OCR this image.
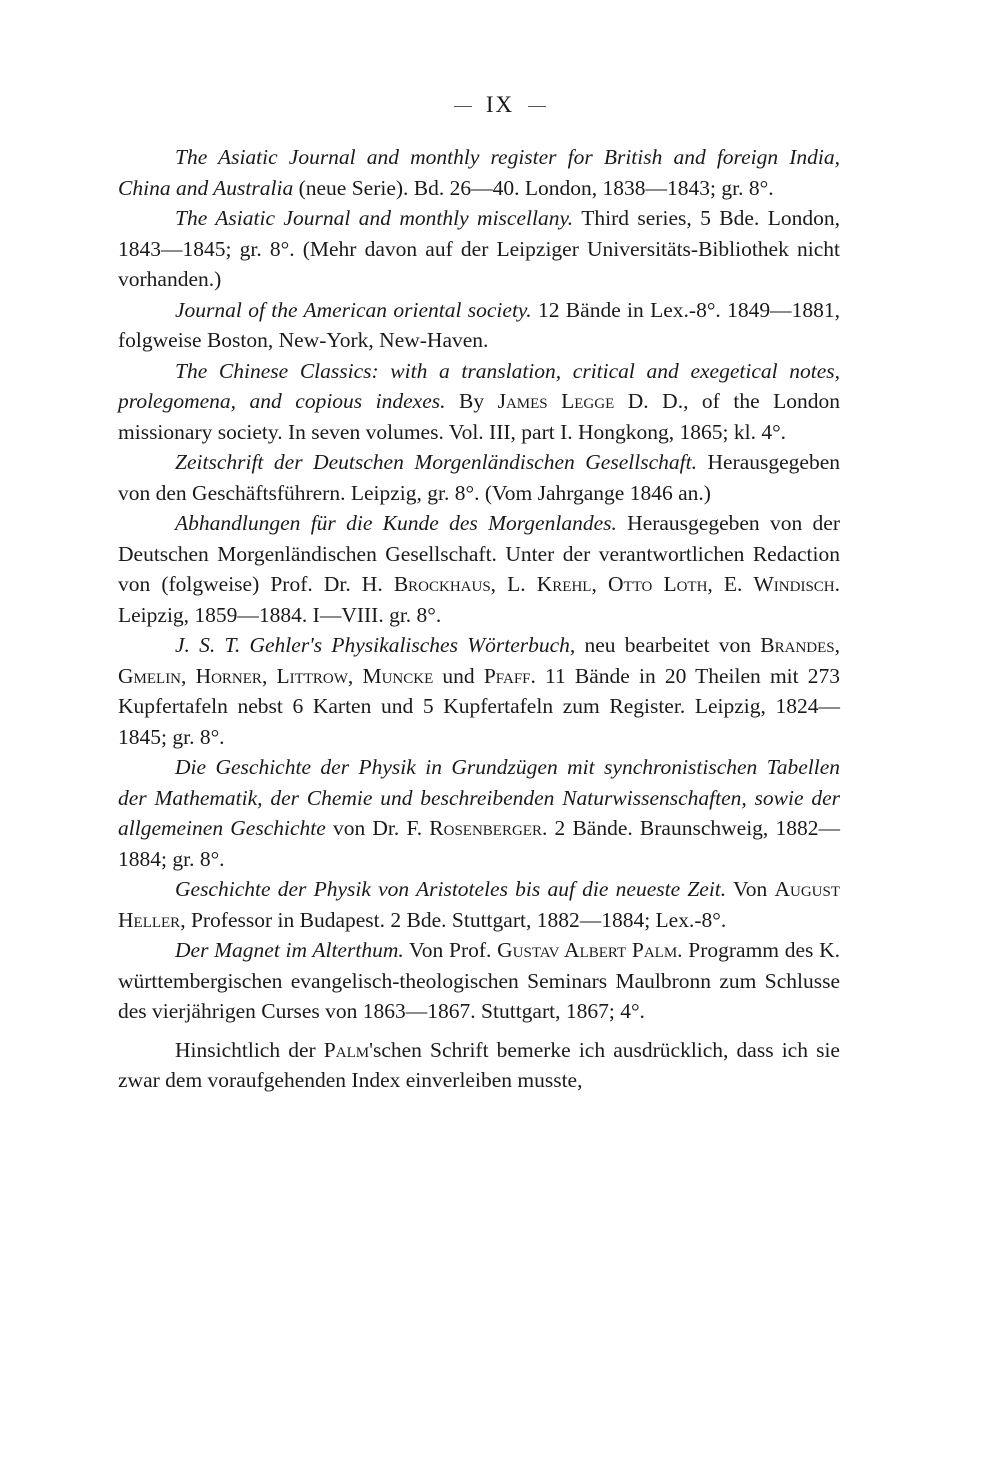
IX

The Asiatic Journal and monthly register for British and foreign India, China and Australia (neue Serie). Bd. 26—40. London, 1838—1843; gr. 8°.

The Asiatic Journal and monthly miscellany. Third series, 5 Bde. London, 1843—1845; gr. 8°. (Mehr davon auf der Leipziger Universitäts-Bibliothek nicht vorhanden.)

Journal of the American oriental society. 12 Bände in Lex.-8°. 1849—1881, folgweise Boston, New-York, New-Haven.

The Chinese Classics: with a translation, critical and exegetical notes, prolegomena, and copious indexes. By James Legge D. D., of the London missionary society. In seven volumes. Vol. III, part I. Hongkong, 1865; kl. 4°.

Zeitschrift der Deutschen Morgenländischen Gesellschaft. Herausgegeben von den Geschäftsführern. Leipzig, gr. 8°. (Vom Jahrgange 1846 an.)

Abhandlungen für die Kunde des Morgenlandes. Herausgegeben von der Deutschen Morgenländischen Gesellschaft. Unter der verantwortlichen Redaction von (folgweise) Prof. Dr. H. Brockhaus, L. Krehl, Otto Loth, E. Windisch. Leipzig, 1859—1884. I—VIII. gr. 8°.

J. S. T. Gehler's Physikalisches Wörterbuch, neu bearbeitet von Brandes, Gmelin, Horner, Littrow, Muncke und Pfaff. 11 Bände in 20 Theilen mit 273 Kupfertafeln nebst 6 Karten und 5 Kupfertafeln zum Register. Leipzig, 1824—1845; gr. 8°.

Die Geschichte der Physik in Grundzügen mit synchronistischen Tabellen der Mathematik, der Chemie und beschreibenden Naturwissenschaften, sowie der allgemeinen Geschichte von Dr. F. Rosenberger. 2 Bände. Braunschweig, 1882—1884; gr. 8°.

Geschichte der Physik von Aristoteles bis auf die neueste Zeit. Von August Heller, Professor in Budapest. 2 Bde. Stuttgart, 1882—1884; Lex.-8°.

Der Magnet im Alterthum. Von Prof. Gustav Albert Palm. Programm des K. württembergischen evangelisch-theologischen Seminars Maulbronn zum Schlusse des vierjährigen Curses von 1863—1867. Stuttgart, 1867; 4°.

Hinsichtlich der Palm'schen Schrift bemerke ich ausdrücklich, dass ich sie zwar dem voraufgehenden Index einverleiben musste,
